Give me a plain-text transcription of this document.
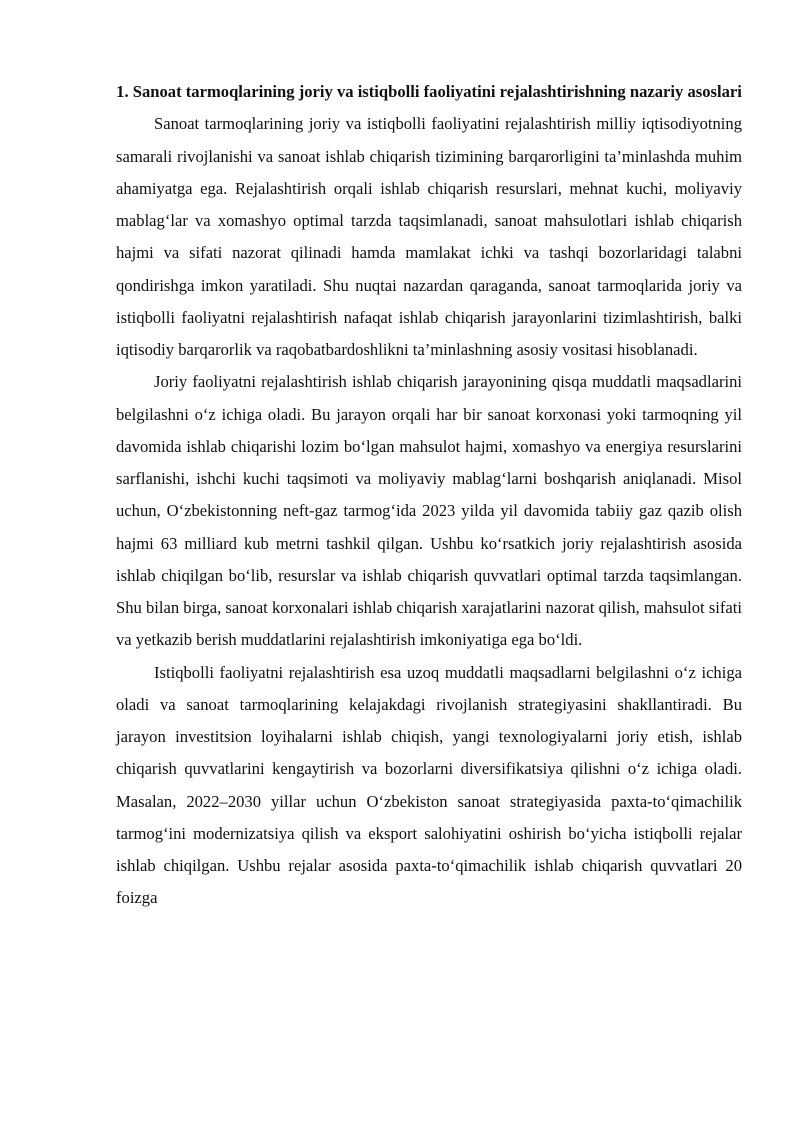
1. Sanoat tarmoqlarining joriy va istiqbolli faoliyatini rejalashtirishning nazariy asoslari

Sanoat tarmoqlarining joriy va istiqbolli faoliyatini rejalashtirish milliy iqtisodiyotning samarali rivojlanishi va sanoat ishlab chiqarish tizimining barqarorligini ta’minlashda muhim ahamiyatga ega. Rejalashtirish orqali ishlab chiqarish resurslari, mehnat kuchi, moliyaviy mablag‘lar va xomashyo optimal tarzda taqsimlanadi, sanoat mahsulotlari ishlab chiqarish hajmi va sifati nazorat qilinadi hamda mamlakat ichki va tashqi bozorlaridagi talabni qondirishga imkon yaratiladi. Shu nuqtai nazardan qaraganda, sanoat tarmoqlarida joriy va istiqbolli faoliyatni rejalashtirish nafaqat ishlab chiqarish jarayonlarini tizimlashtirish, balki iqtisodiy barqarorlik va raqobatbardoshlikni ta’minlashning asosiy vositasi hisoblanadi.

Joriy faoliyatni rejalashtirish ishlab chiqarish jarayonining qisqa muddatli maqsadlarini belgilashni o‘z ichiga oladi. Bu jarayon orqali har bir sanoat korxonasi yoki tarmoqning yil davomida ishlab chiqarishi lozim bo‘lgan mahsulot hajmi, xomashyo va energiya resurslarini sarflanishi, ishchi kuchi taqsimoti va moliyaviy mablag‘larni boshqarish aniqlanadi. Misol uchun, O‘zbekistonning neft-gaz tarmog‘ida 2023 yilda yil davomida tabiiy gaz qazib olish hajmi 63 milliard kub metrni tashkil qilgan. Ushbu ko‘rsatkich joriy rejalashtirish asosida ishlab chiqilgan bo‘lib, resurslar va ishlab chiqarish quvvatlari optimal tarzda taqsimlangan. Shu bilan birga, sanoat korxonalari ishlab chiqarish xarajatlarini nazorat qilish, mahsulot sifati va yetkazib berish muddatlarini rejalashtirish imkoniyatiga ega bo‘ldi.

Istiqbolli faoliyatni rejalashtirish esa uzoq muddatli maqsadlarni belgilashni o‘z ichiga oladi va sanoat tarmoqlarining kelajakdagi rivojlanish strategiyasini shakllantiradi. Bu jarayon investitsion loyihalarni ishlab chiqish, yangi texnologiyalarni joriy etish, ishlab chiqarish quvvatlarini kengaytirish va bozorlarni diversifikatsiya qilishni o‘z ichiga oladi. Masalan, 2022–2030 yillar uchun O‘zbekiston sanoat strategiyasida paxta-to‘qimachilik tarmog‘ini modernizatsiya qilish va eksport salohiyatini oshirish bo‘yicha istiqbolli rejalar ishlab chiqilgan. Ushbu rejalar asosida paxta-to‘qimachilik ishlab chiqarish quvvatlari 20 foizga
